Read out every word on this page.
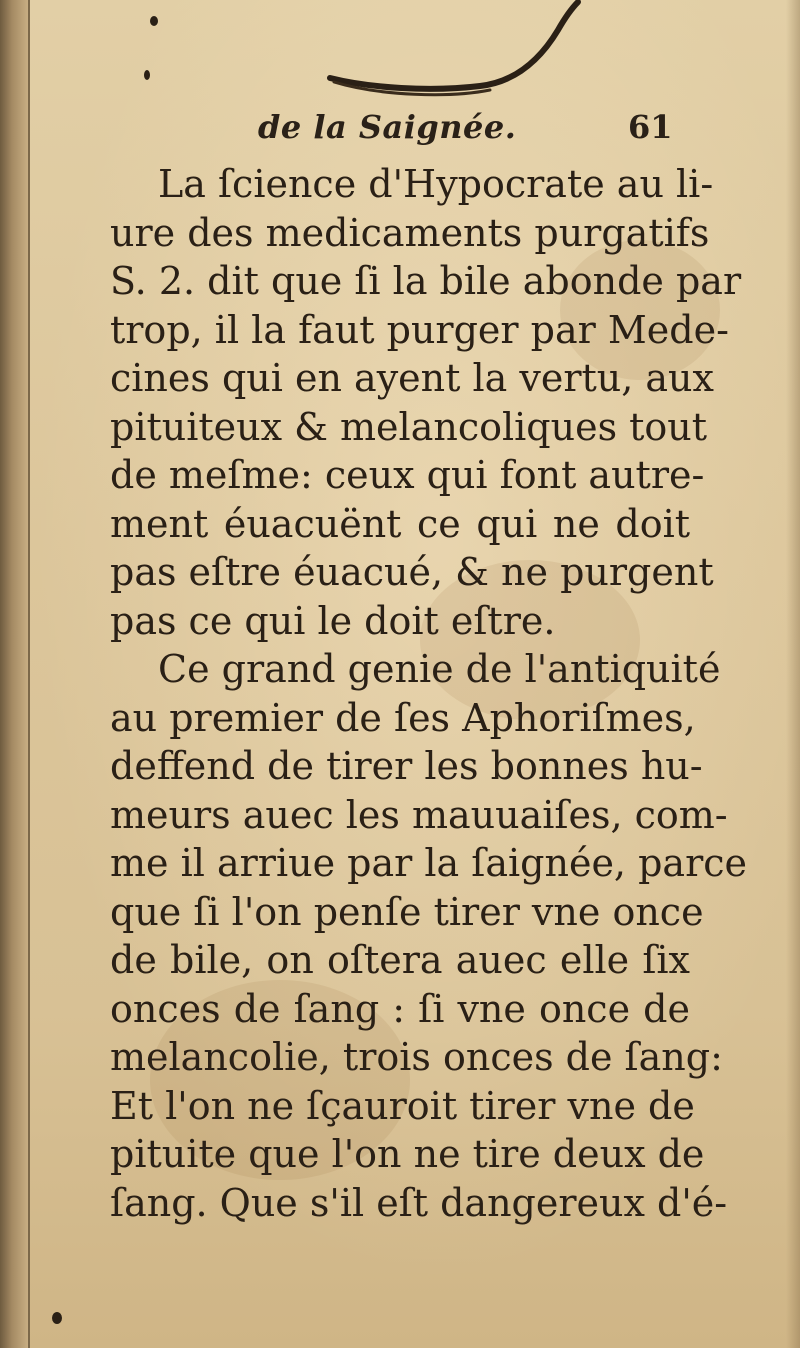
de la Saignée.	61
La ſcience d'Hypocrate au li-
ure des medicaments purgatifs
S. 2. dit que ſi la bile abonde par
trop, il la faut purger par Mede-
cines qui en ayent la vertu, aux
pituiteux & melancoliques tout
de meſme: ceux qui font autre-
ment éuacuënt ce qui ne doit
pas eſtre éuacué, & ne purgent
pas ce qui le doit eſtre.
Ce grand genie de l'antiquité
au premier de ſes Aphoriſmes,
deffend de tirer les bonnes hu-
meurs auec les mauuaiſes, com-
me il arriue par la ſaignée, parce
que ſi l'on penſe tirer vne once
de bile, on oſtera auec elle ſix
onces de ſang : ſi vne once de
melancolie, trois onces de ſang:
Et l'on ne ſçauroit tirer vne de
pituite que l'on ne tire deux de
ſang. Que s'il eſt dangereux d'é-
